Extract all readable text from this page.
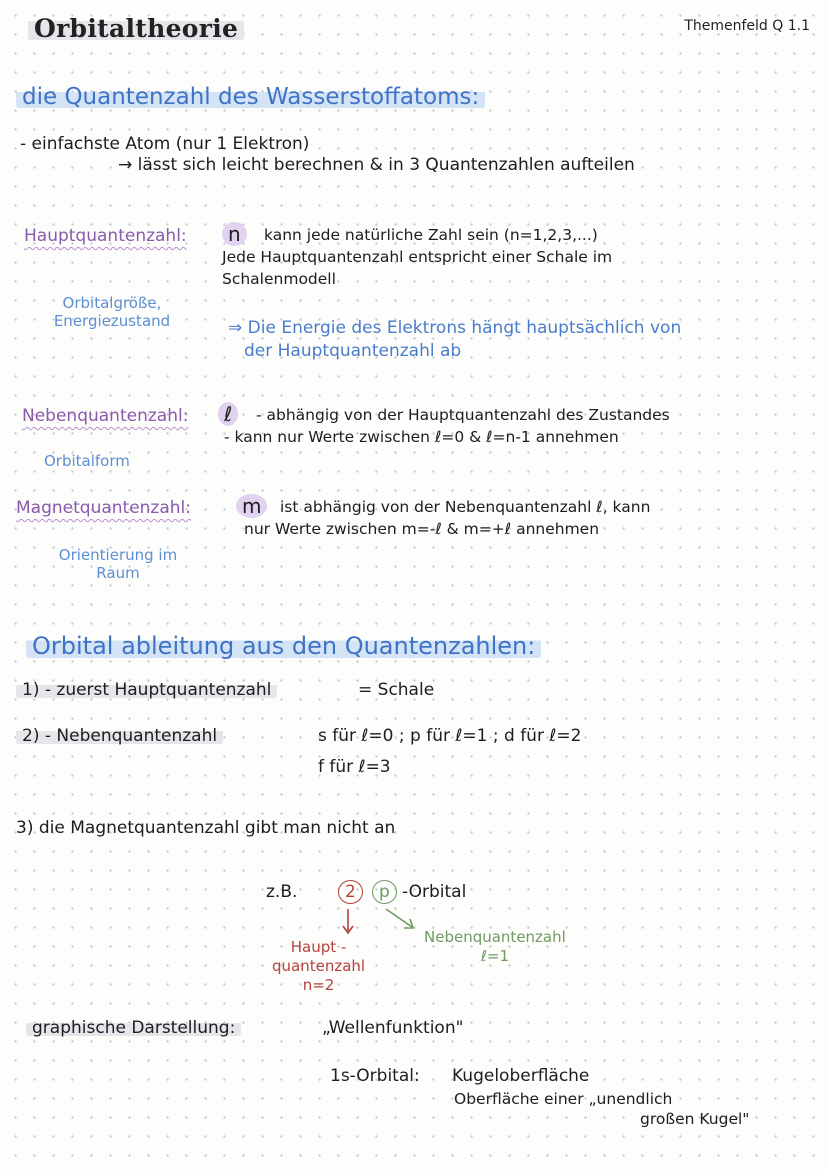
Orbitaltheorie	Themenfeld Q 1.1
die Quantenzahl des Wasserstoffatoms:
- einfachste Atom (nur 1 Elektron)
→ lässt sich leicht berechnen & in 3 Quantenzahlen aufteilen
Hauptquantenzahl:	n	kann jede natürliche Zahl sein (n=1,2,3,...)
Jede Hauptquantenzahl entspricht einer Schale im
Schalenmodell
Orbitalgröße,
Energiezustand	⇒ Die Energie des Elektrons hängt hauptsächlich von
der Hauptquantenzahl ab
Nebenquantenzahl:	ℓ	- abhängig von der Hauptquantenzahl des Zustandes
- kann nur Werte zwischen ℓ=0 & ℓ=n-1 annehmen
Orbitalform
Magnetquantenzahl:	m	ist abhängig von der Nebenquantenzahl ℓ, kann
nur Werte zwischen m=-ℓ & m=+ℓ annehmen
Orientierung im
Raum
Orbital ableitung aus den Quantenzahlen:
1) - zuerst Hauptquantenzahl	= Schale
2) - Nebenquantenzahl	s für ℓ=0 ; p für ℓ=1 ; d für ℓ=2
f für ℓ=3
3) die Magnetquantenzahl gibt man nicht an
z.B.	2	p -Orbital
Haupt -
quantenzahl
n=2
Nebenquantenzahl
ℓ=1
graphische Darstellung:	„Wellenfunktion"
1s-Orbital: Kugeloberfläche
Oberfläche einer „unendlich
großen Kugel"
